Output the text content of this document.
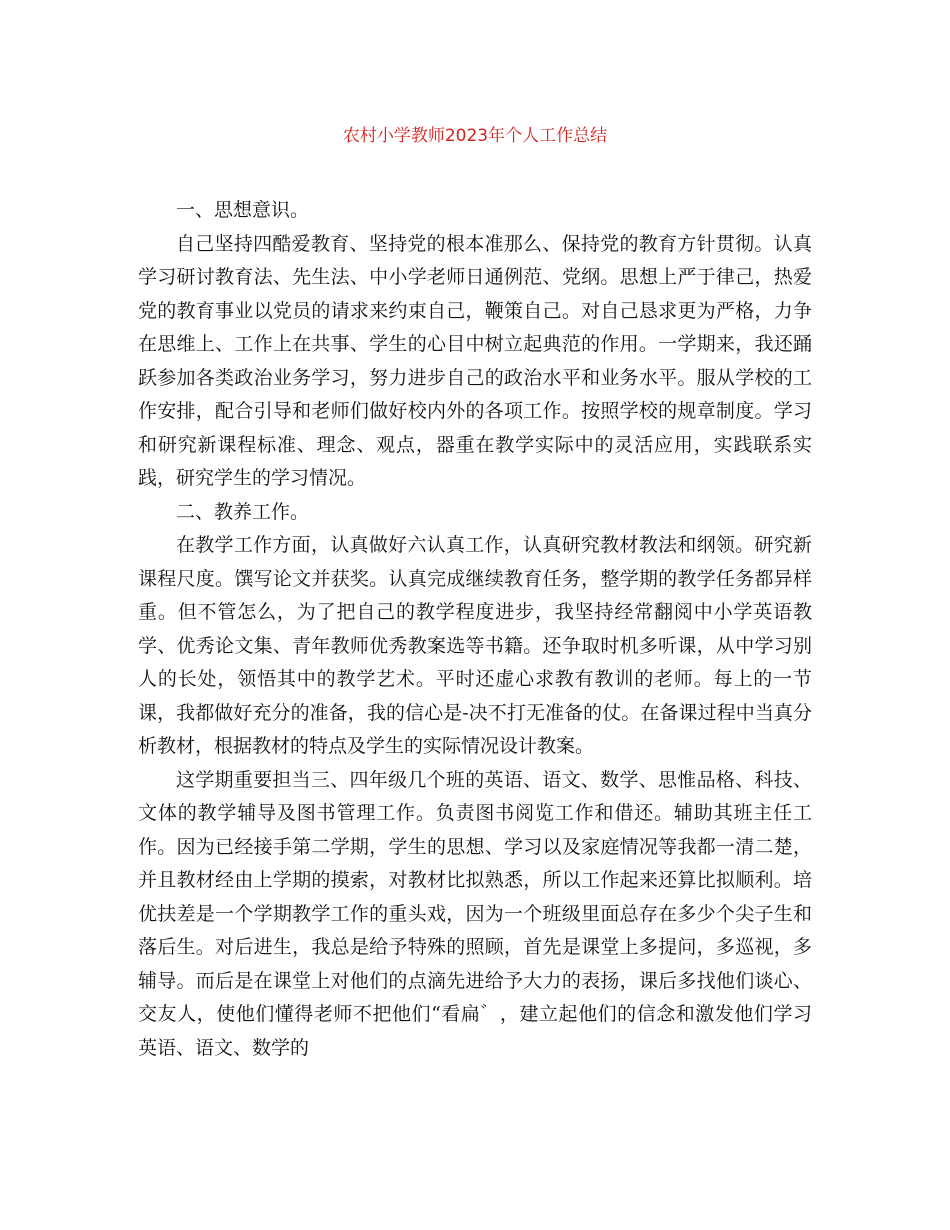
农村小学教师2023年个人工作总结

一、思想意识。

自己坚持四酷爱教育、坚持党的根本准那么、保持党的教育方针贯彻。认真学习研讨教育法、先生法、中小学老师日通例范、党纲。思想上严于律己，热爱党的教育事业以党员的请求来约束自己，鞭策自己。对自己恳求更为严格，力争在思维上、工作上在共事、学生的心目中树立起典范的作用。一学期来，我还踊跃参加各类政治业务学习，努力进步自己的政治水平和业务水平。服从学校的工作安排，配合引导和老师们做好校内外的各项工作。按照学校的规章制度。学习和研究新课程标准、理念、观点，器重在教学实际中的灵活应用，实践联系实践，研究学生的学习情况。

二、教养工作。

在教学工作方面，认真做好六认真工作，认真研究教材教法和纲领。研究新课程尺度。馔写论文并获奖。认真完成继续教育任务，整学期的教学任务都异样重。但不管怎么，为了把自己的教学程度进步，我坚持经常翻阅中小学英语教学、优秀论文集、青年教师优秀教案选等书籍。还争取时机多听课，从中学习别人的长处，领悟其中的教学艺术。平时还虚心求教有教训的老师。每上的一节课，我都做好充分的准备，我的信心是-决不打无准备的仗。在备课过程中当真分析教材，根据教材的特点及学生的实际情况设计教案。

这学期重要担当三、四年级几个班的英语、语文、数学、思惟品格、科技、文体的教学辅导及图书管理工作。负责图书阅览工作和借还。辅助其班主任工作。因为已经接手第二学期，学生的思想、学习以及家庭情况等我都一清二楚，并且教材经由上学期的摸索，对教材比拟熟悉，所以工作起来还算比拟顺利。培优扶差是一个学期教学工作的重头戏，因为一个班级里面总存在多少个尖子生和落后生。对后进生，我总是给予特殊的照顾，首先是课堂上多提问，多巡视，多辅导。而后是在课堂上对他们的点滴先进给予大力的表扬，课后多找他们谈心、交友人，使他们懂得老师不把他们“看扁゛，建立起他们的信念和激发他们学习英语、语文、数学的
